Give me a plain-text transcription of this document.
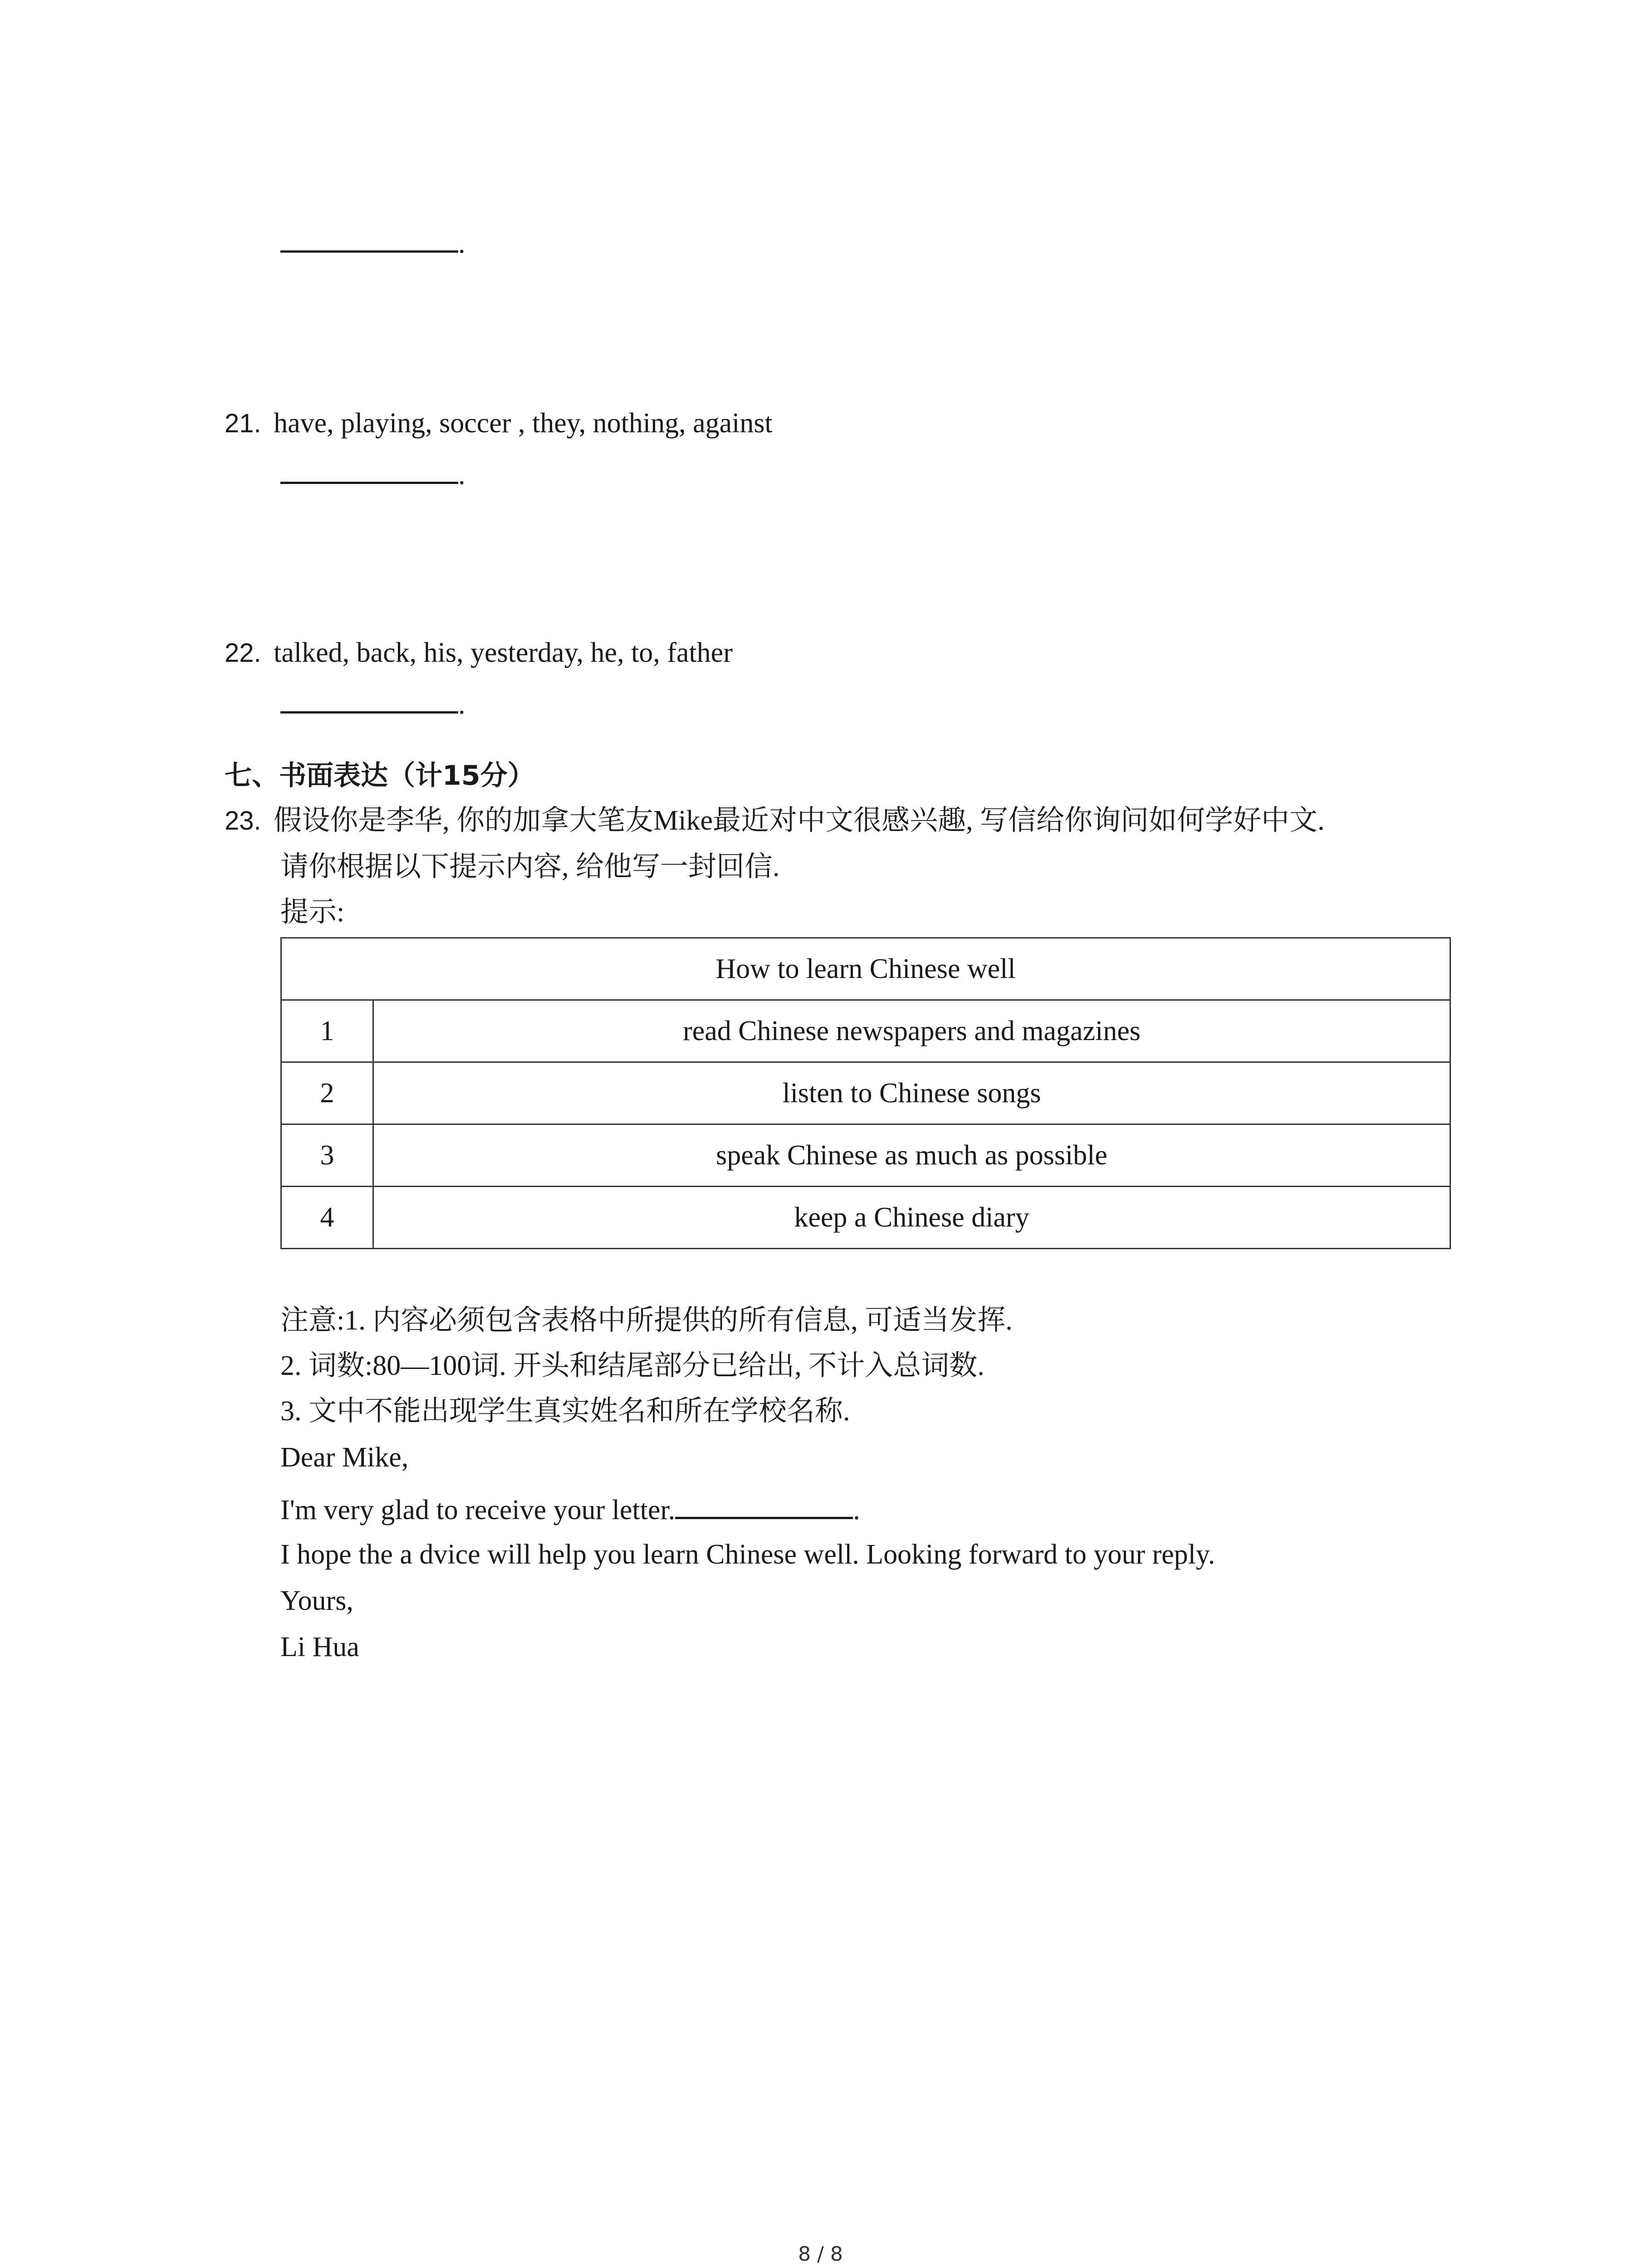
.
21. have, playing, soccer , they, nothing, against
.
22. talked, back, his, yesterday, he, to, father
.
七、书面表达（计15分）
23. 假设你是李华, 你的加拿大笔友Mike最近对中文很感兴趣, 写信给你询问如何学好中文.
请你根据以下提示内容, 给他写一封回信.
提示:
How to learn Chinese well	
1	read Chinese newspapers and magazines
2	listen to Chinese songs
3	speak Chinese as much as possible
4	keep a Chinese diary
注意:1. 内容必须包含表格中所提供的所有信息, 可适当发挥.
2. 词数:80—100词. 开头和结尾部分已给出, 不计入总词数.
3. 文中不能出现学生真实姓名和所在学校名称.
Dear Mike,
I'm very glad to receive your letter.	.
I hope the a dvice will help you learn Chinese well. Looking forward to your reply.
Yours,
Li Hua
8 / 8
